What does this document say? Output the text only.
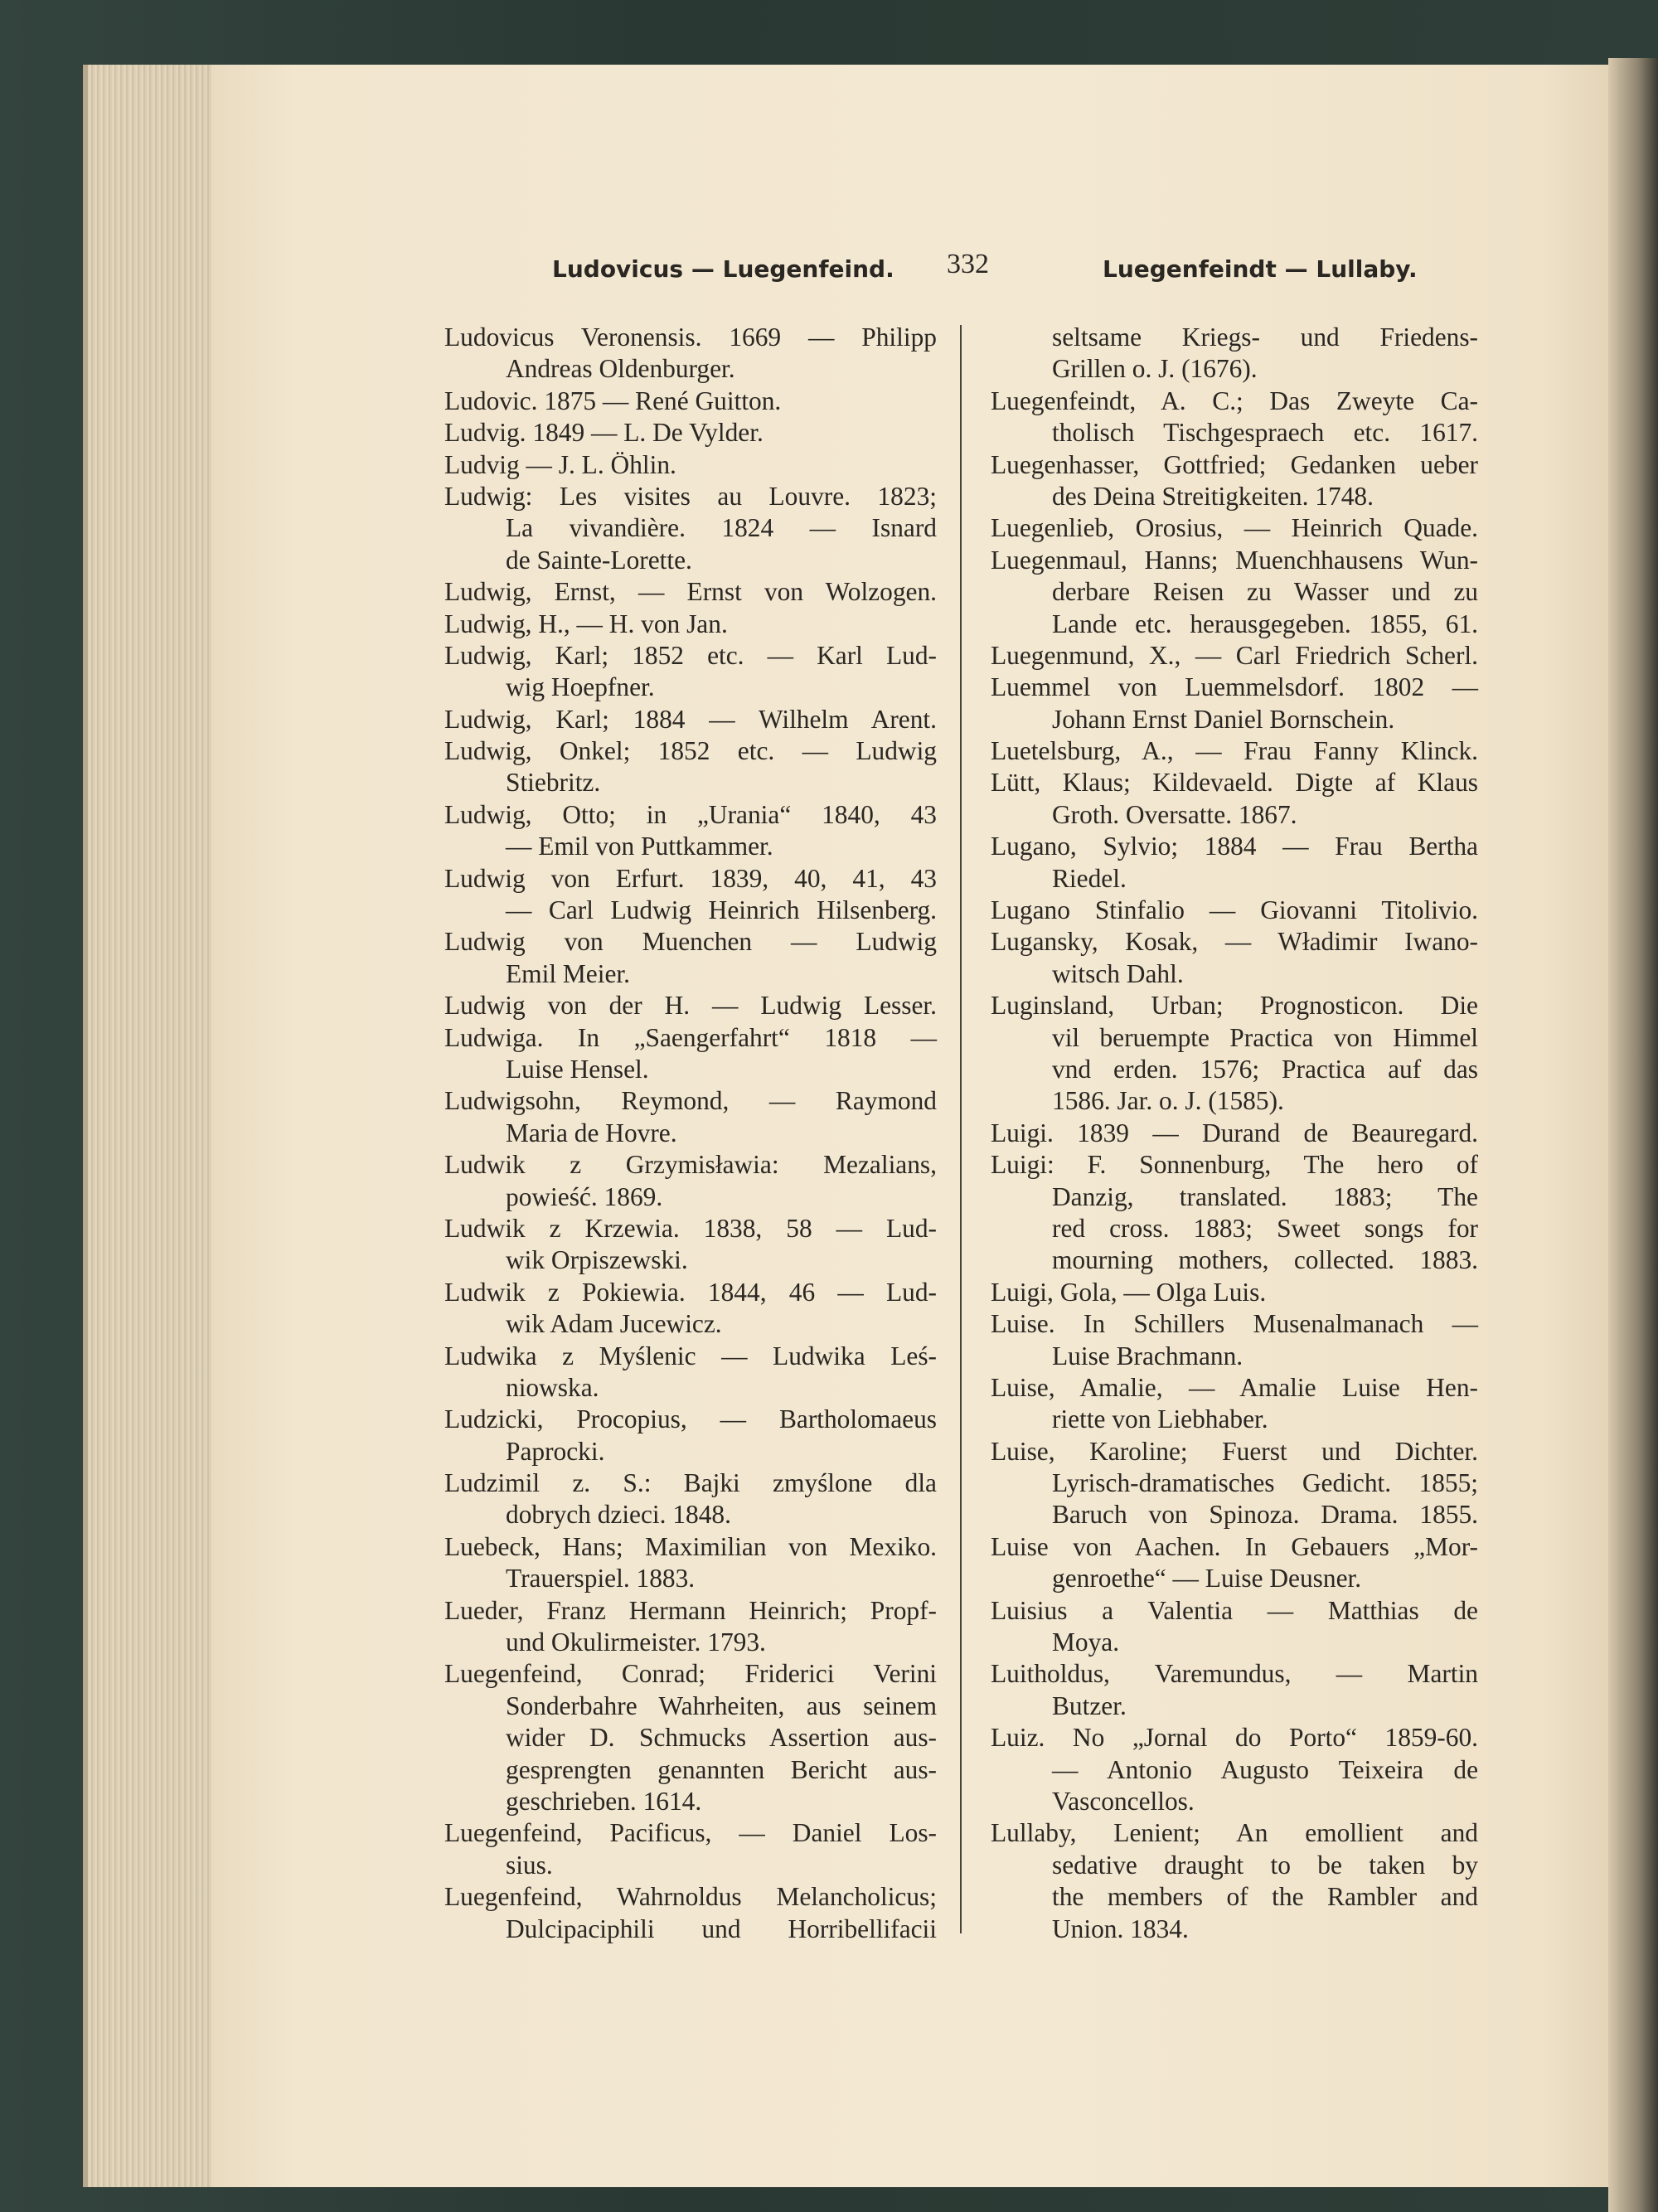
Ludovicus — Luegenfeind. 332	Luegenfeindt — Lullaby.
Ludovicus Veronensis. 1669 — Philipp
Andreas Oldenburger.
Ludovic. 1875 — René Guitton.
Ludvig. 1849 — L. De Vylder.
Ludvig — J. L. Öhlin.
Ludwig: Les visites au Louvre. 1823;
La vivandière. 1824 — Isnard
de Sainte-Lorette.
Ludwig, Ernst, — Ernst von Wolzogen.
Ludwig, H., — H. von Jan.
Ludwig, Karl; 1852 etc. — Karl Lud-
wig Hoepfner.
Ludwig, Karl; 1884 — Wilhelm Arent.
Ludwig, Onkel; 1852 etc. — Ludwig
Stiebritz.
Ludwig, Otto; in „Urania“ 1840, 43
— Emil von Puttkammer.
Ludwig von Erfurt. 1839, 40, 41, 43
— Carl Ludwig Heinrich Hilsenberg.
Ludwig von Muenchen — Ludwig
Emil Meier.
Ludwig von der H. — Ludwig Lesser.
Ludwiga. In „Saengerfahrt“ 1818 —
Luise Hensel.
Ludwigsohn, Reymond, — Raymond
Maria de Hovre.
Ludwik z Grzymisławia: Mezalians,
powieść. 1869.
Ludwik z Krzewia. 1838, 58 — Lud-
wik Orpiszewski.
Ludwik z Pokiewia. 1844, 46 — Lud-
wik Adam Jucewicz.
Ludwika z Myślenic — Ludwika Leś-
niowska.
Ludzicki, Procopius, — Bartholomaeus
Paprocki.
Ludzimil z. S.: Bajki zmyślone dla
dobrych dzieci. 1848.
Luebeck, Hans; Maximilian von Mexiko.
Trauerspiel. 1883.
Lueder, Franz Hermann Heinrich; Propf-
und Okulirmeister. 1793.
Luegenfeind, Conrad; Friderici Verini
Sonderbahre Wahrheiten, aus seinem
wider D. Schmucks Assertion aus-
gesprengten genannten Bericht aus-
geschrieben. 1614.
Luegenfeind, Pacificus, — Daniel Los-
sius.
Luegenfeind, Wahrnoldus Melancholicus;
Dulcipaciphili und Horribellifacii
seltsame Kriegs- und Friedens-
Grillen o. J. (1676).
Luegenfeindt, A. C.; Das Zweyte Ca-
tholisch Tischgespraech etc. 1617.
Luegenhasser, Gottfried; Gedanken ueber
des Deina Streitigkeiten. 1748.
Luegenlieb, Orosius, — Heinrich Quade.
Luegenmaul, Hanns; Muenchhausens Wun-
derbare Reisen zu Wasser und zu
Lande etc. herausgegeben. 1855, 61.
Luegenmund, X., — Carl Friedrich Scherl.
Luemmel von Luemmelsdorf. 1802 —
Johann Ernst Daniel Bornschein.
Luetelsburg, A., — Frau Fanny Klinck.
Lütt, Klaus; Kildevaeld. Digte af Klaus
Groth. Oversatte. 1867.
Lugano, Sylvio; 1884 — Frau Bertha
Riedel.
Lugano Stinfalio — Giovanni Titolivio.
Lugansky, Kosak, — Władimir Iwano-
witsch Dahl.
Luginsland, Urban; Prognosticon. Die
vil beruempte Practica von Himmel
vnd erden. 1576; Practica auf das
1586. Jar. o. J. (1585).
Luigi. 1839 — Durand de Beauregard.
Luigi: F. Sonnenburg, The hero of
Danzig, translated. 1883; The
red cross. 1883; Sweet songs for
mourning mothers, collected. 1883.
Luigi, Gola, — Olga Luis.
Luise. In Schillers Musenalmanach —
Luise Brachmann.
Luise, Amalie, — Amalie Luise Hen-
riette von Liebhaber.
Luise, Karoline; Fuerst und Dichter.
Lyrisch-dramatisches Gedicht. 1855;
Baruch von Spinoza. Drama. 1855.
Luise von Aachen. In Gebauers „Mor-
genroethe“ — Luise Deusner.
Luisius a Valentia — Matthias de
Moya.
Luitholdus, Varemundus, — Martin
Butzer.
Luiz. No „Jornal do Porto“ 1859-60.
— Antonio Augusto Teixeira de
Vasconcellos.
Lullaby, Lenient; An emollient and
sedative draught to be taken by
the members of the Rambler and
Union. 1834.
